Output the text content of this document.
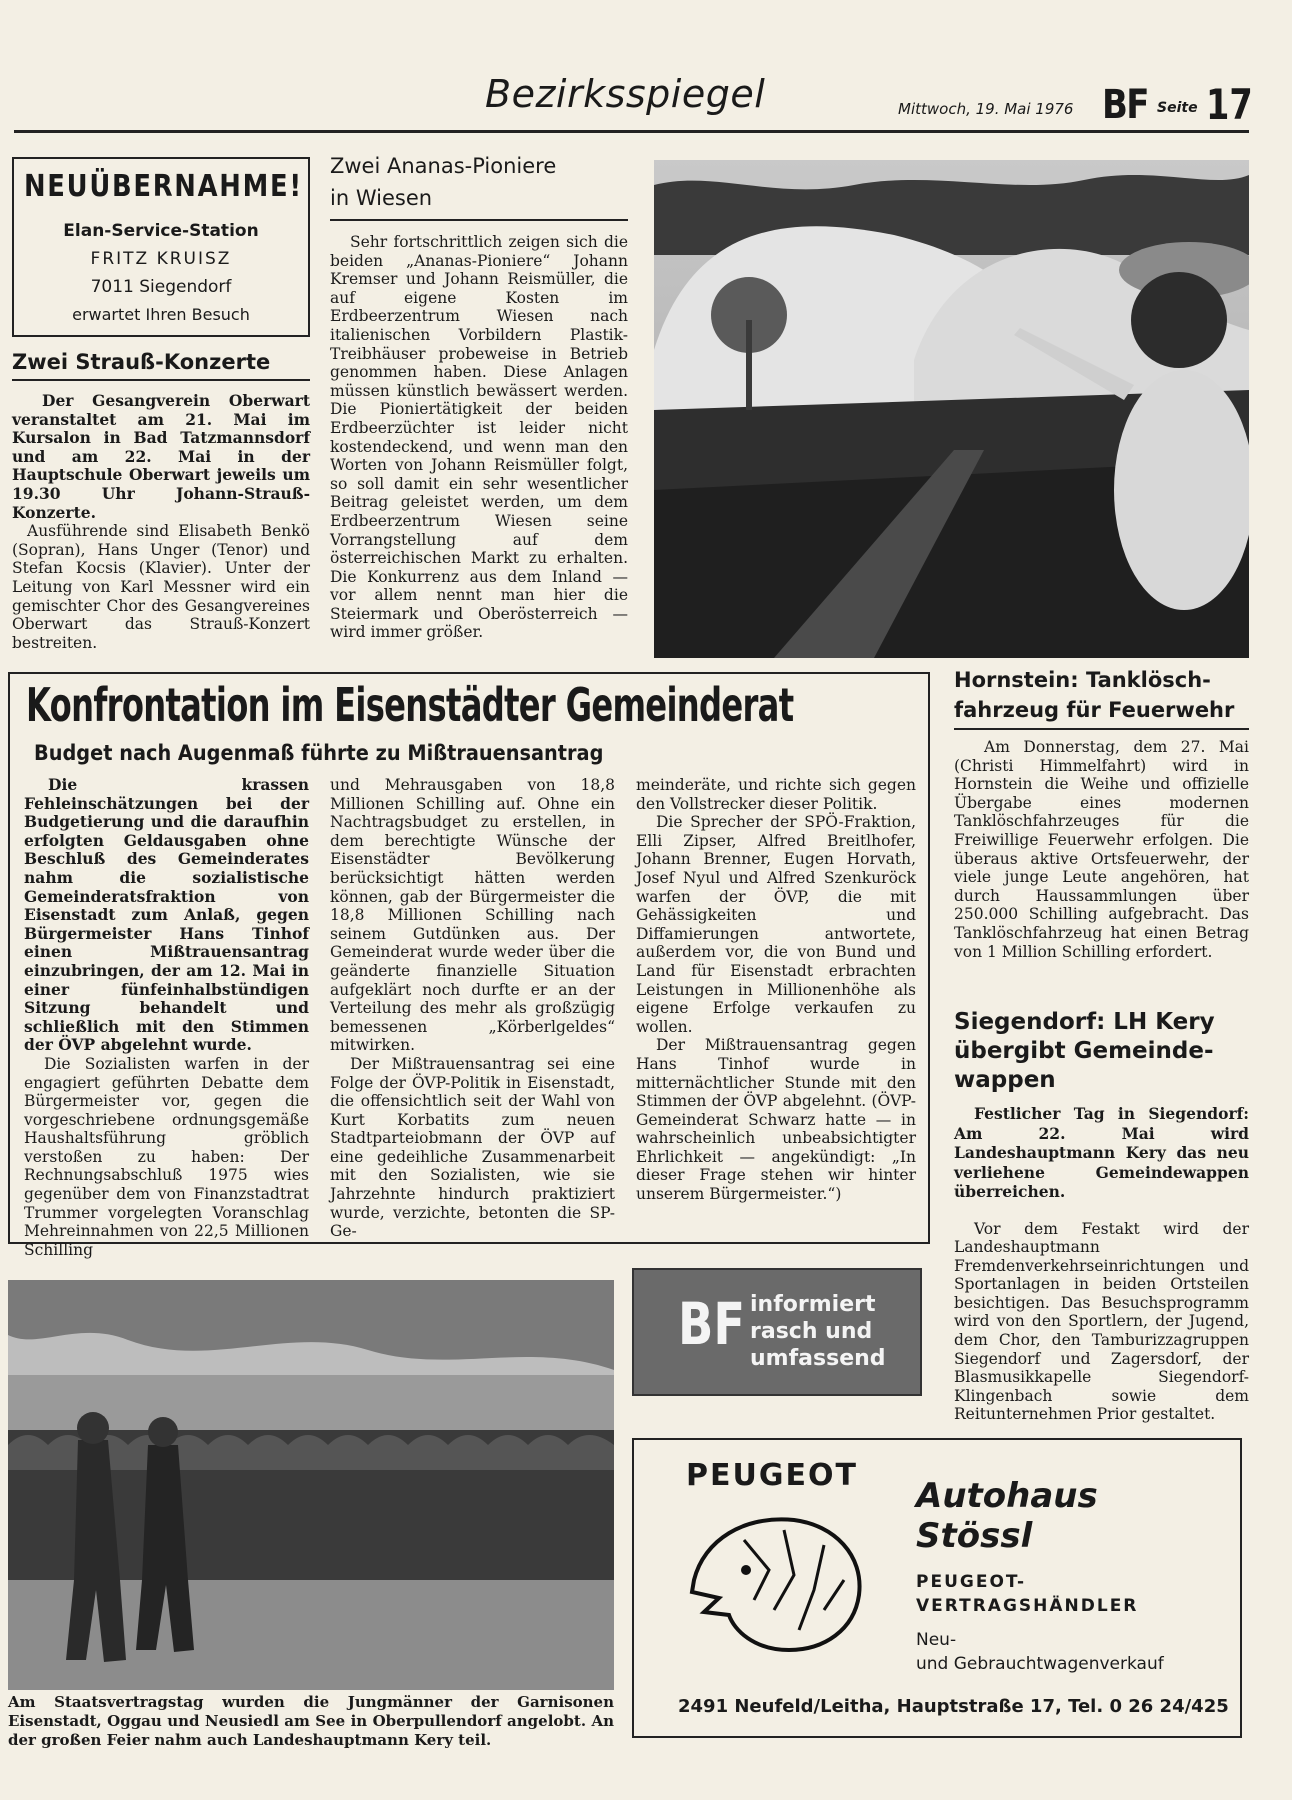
Bezirksspiegel	Mittwoch, 19. Mai 1976 BF Seite 17
NEUÜBERNAHME!
Elan-Service-Station
FRITZ KRUISZ
7011 Siegendorf
erwartet Ihren Besuch
Zwei Strauß-Konzerte

Der Gesangverein Oberwart veranstaltet am 21. Mai im Kursalon in Bad Tatzmannsdorf und am 22. Mai in der Hauptschule Oberwart jeweils um 19.30 Uhr Johann-Strauß-Konzerte.

Ausführende sind Elisabeth Benkö (Sopran), Hans Unger (Tenor) und Stefan Kocsis (Klavier). Unter der Leitung von Karl Messner wird ein gemischter Chor des Gesangvereines Oberwart das Strauß-Konzert bestreiten.

Zwei Ananas-Pioniere
in Wiesen
Sehr fortschrittlich zeigen sich die beiden „Ananas-Pioniere“ Johann Kremser und Johann Reismüller, die auf eigene Kosten im Erdbeerzentrum Wiesen nach italienischen Vorbildern Plastik-Treibhäuser probeweise in Betrieb genommen haben. Diese Anlagen müssen künstlich bewässert werden. Die Pioniertätigkeit der beiden Erdbeerzüchter ist leider nicht kostendeckend, und wenn man den Worten von Johann Reismüller folgt, so soll damit ein sehr wesentlicher Beitrag geleistet werden, um dem Erdbeerzentrum Wiesen seine Vorrangstellung auf dem österreichischen Markt zu erhalten. Die Konkurrenz aus dem Inland — vor allem nennt man hier die Steiermark und Oberösterreich — wird immer größer.
Konfrontation im Eisenstädter Gemeinderat
Budget nach Augenmaß führte zu Mißtrauensantrag

Die krassen Fehleinschätzungen bei der Budgetierung und die daraufhin erfolgten Geldausgaben ohne Beschluß des Gemeinderates nahm die sozialistische Gemeinderatsfraktion von Eisenstadt zum Anlaß, gegen Bürgermeister Hans Tinhof einen Mißtrauensantrag einzubringen, der am 12. Mai in einer fünfeinhalbstündigen Sitzung behandelt und schließlich mit den Stimmen der ÖVP abgelehnt wurde.

Die Sozialisten warfen in der engagiert geführten Debatte dem Bürgermeister vor, gegen die vorgeschriebene ordnungsgemäße Haushaltsführung gröblich verstoßen zu haben: Der Rechnungsabschluß 1975 wies gegenüber dem von Finanzstadtrat Trummer vorgelegten Voranschlag Mehreinnahmen von 22,5 Millionen Schilling

und Mehrausgaben von 18,8 Millionen Schilling auf. Ohne ein Nachtragsbudget zu erstellen, in dem berechtigte Wünsche der Eisenstädter Bevölkerung berücksichtigt hätten werden können, gab der Bürgermeister die 18,8 Millionen Schilling nach seinem Gutdünken aus. Der Gemeinderat wurde weder über die geänderte finanzielle Situation aufgeklärt noch durfte er an der Verteilung des mehr als großzügig bemessenen „Körberlgeldes“ mitwirken.

Der Mißtrauensantrag sei eine Folge der ÖVP-Politik in Eisenstadt, die offensichtlich seit der Wahl von Kurt Korbatits zum neuen Stadtparteiobmann der ÖVP auf eine gedeihliche Zusammenarbeit mit den Sozialisten, wie sie Jahrzehnte hindurch praktiziert wurde, verzichte, betonten die SP-Ge-

meinderäte, und richte sich gegen den Vollstrecker dieser Politik.

Die Sprecher der SPÖ-Fraktion, Elli Zipser, Alfred Breitlhofer, Johann Brenner, Eugen Horvath, Josef Nyul und Alfred Szenkuröck warfen der ÖVP, die mit Gehässigkeiten und Diffamierungen antwortete, außerdem vor, die von Bund und Land für Eisenstadt erbrachten Leistungen in Millionenhöhe als eigene Erfolge verkaufen zu wollen.

Der Mißtrauensantrag gegen Hans Tinhof wurde in mitternächtlicher Stunde mit den Stimmen der ÖVP abgelehnt. (ÖVP-Gemeinderat Schwarz hatte — in wahrscheinlich unbeabsichtigter Ehrlichkeit — angekündigt: „In dieser Frage stehen wir hinter unserem Bürgermeister.“)

Hornstein: Tanklösch-
fahrzeug für Feuerwehr
Am Donnerstag, dem 27. Mai (Christi Himmelfahrt) wird in Hornstein die Weihe und offizielle Übergabe eines modernen Tanklöschfahrzeuges für die Freiwillige Feuerwehr erfolgen. Die überaus aktive Ortsfeuerwehr, der viele junge Leute angehören, hat durch Haussammlungen über 250.000 Schilling aufgebracht. Das Tanklöschfahrzeug hat einen Betrag von 1 Million Schilling erfordert.
Siegendorf: LH Kery
übergibt Gemeinde-
wappen

Festlicher Tag in Siegendorf: Am 22. Mai wird Landeshauptmann Kery das neu verliehene Gemeindewappen überreichen.

Vor dem Festakt wird der Landeshauptmann Fremdenverkehrseinrichtungen und Sportanlagen in beiden Ortsteilen besichtigen. Das Besuchsprogramm wird von den Sportlern, der Jugend, dem Chor, den Tamburizzagruppen Siegendorf und Zagersdorf, der Blasmusikkapelle Siegendorf-Klingenbach sowie dem Reitunternehmen Prior gestaltet.

Am Staatsvertragstag wurden die Jungmänner der Garnisonen Eisenstadt, Oggau und Neusiedl am See in Oberpullendorf angelobt. An der großen Feier nahm auch Landeshauptmann Kery teil.
BF informiert
rasch und
umfassend
PEUGEOT
Autohaus
Stössl
PEUGEOT-
VERTRAGSHÄNDLER
Neu-
und Gebrauchtwagenverkauf
2491 Neufeld/Leitha, Hauptstraße 17, Tel. 0 26 24/425
